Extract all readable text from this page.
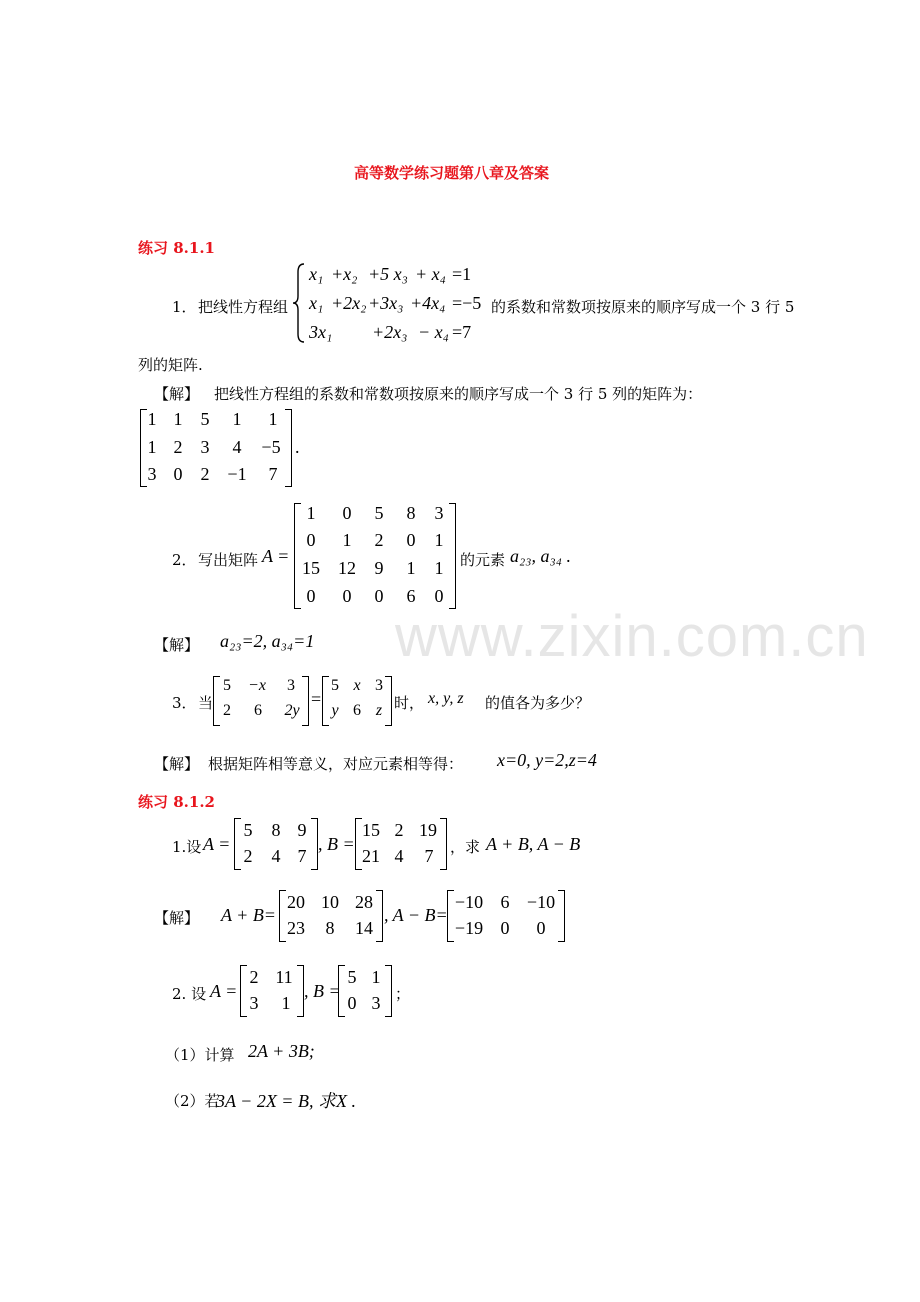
www.zixin.com.cn
高等数学练习题第八章及答案
练习 8.1.1
1． 把线性方程组
x₁ +x₂ +5 x₃ + x₄ =1
x₁ +2x₂ +3x₃ +4x₄ =−5
3x₁ +2x₃ − x₄ =7
的系数和常数项按原来的顺序写成一个 3 行 5
列的矩阵.
【解】 把线性方程组的系数和常数项按原来的顺序写成一个 3 行 5 列的矩阵为：
1 1	5	1	1
1 2	3	4	−5
3 0	2 −1	7
.
2． 写出矩阵 A =
1	0	5	8	3
0	1	2	0	1
15 12	9	1	1
0	0	0	6	0
的元素 a₂₃, a₃₄ .
【解】 a₂₃=2, a₃₄=1
3． 当
5	−x	3
2	6	2y
=
5 x 3
y 6 z 时， x, y, z 的值各为多少？
【解】 根据矩阵相等意义，对应元素相等得： x=0, y=2,z=4
练习 8.1.2
1.设 A =
5	8 9
2	4 7
, B =
15 2 19
21 4	7	，求 A + B, A − B
【解】 A + B=
20 10 28
23	8	14
, A − B=
−10 6 −10
−19 0	0
2. 设 A =
2 11
3	1
, B =
5 1
0 3 ；
（1）计算 2A + 3B;
（2）若
3A − 2X = B, 求X .
